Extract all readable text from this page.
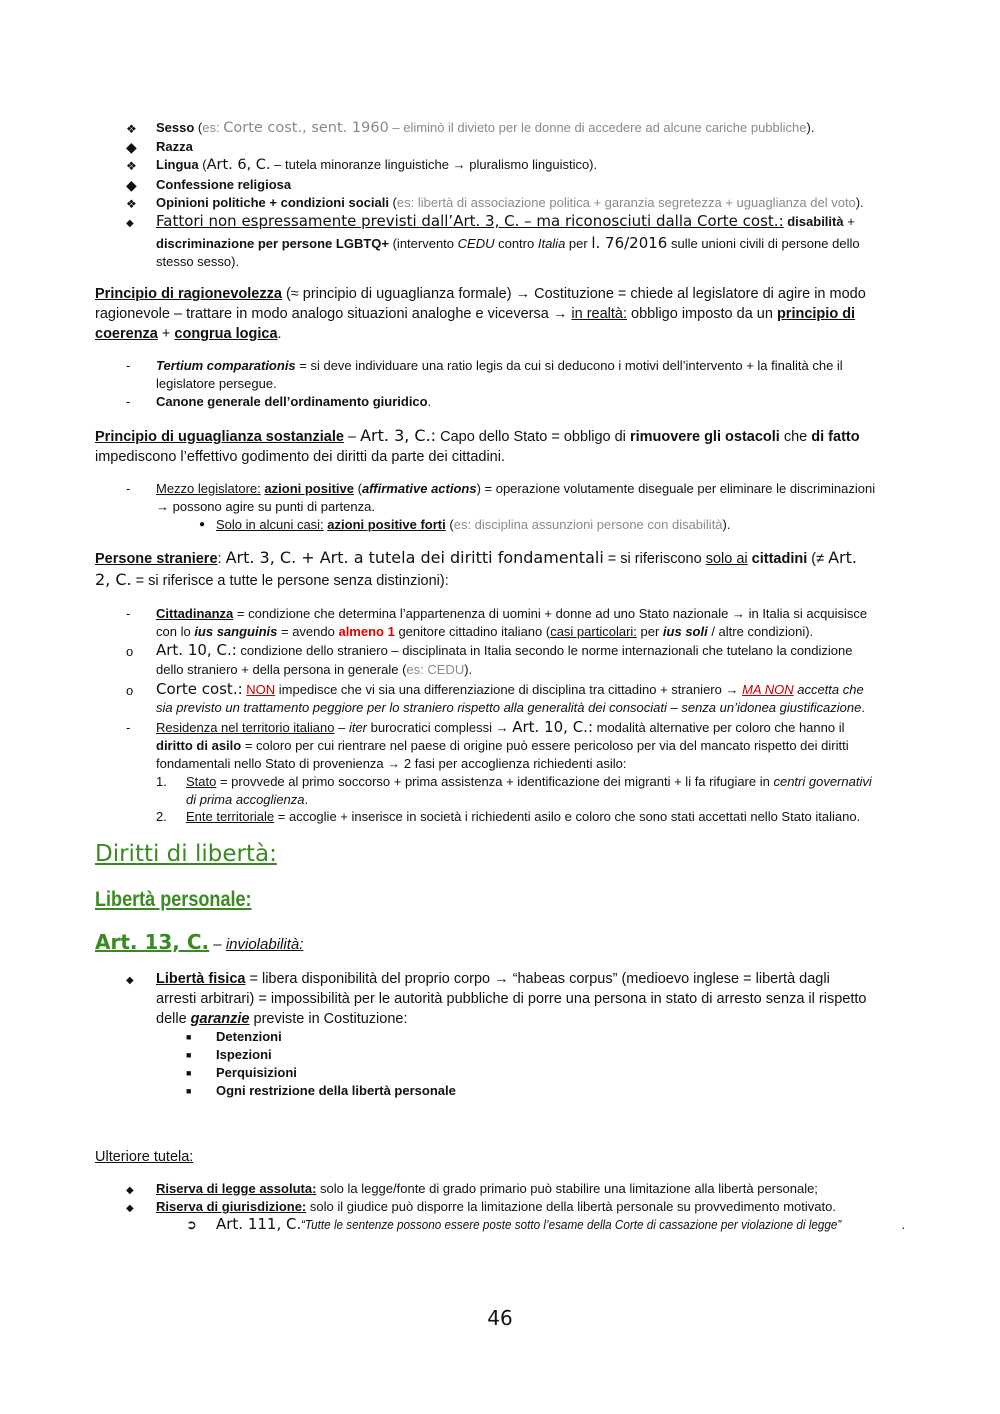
❖ Sesso (es: Corte cost., sent. 1960 – eliminò il divieto per le donne di accedere ad alcune cariche pubbliche).
◆ Razza
❖ Lingua (Art. 6, C. – tutela minoranze linguistiche → pluralismo linguistico).
◆ Confessione religiosa
❖ Opinioni politiche + condizioni sociali (es: libertà di associazione politica + garanzia segretezza + uguaglianza del voto).
◆ Fattori non espressamente previsti dall’Art. 3, C. – ma riconosciuti dalla Corte cost.: disabilità +
discriminazione per persone LGBTQ+ (intervento CEDU contro Italia per l. 76/2016 sulle unioni civili di persone dello
stesso sesso).
Principio di ragionevolezza (≈ principio di uguaglianza formale) → Costituzione = chiede al legislatore di agire in modo
ragionevole – trattare in modo analogo situazioni analoghe e viceversa → in realtà: obbligo imposto da un principio di
coerenza + congrua logica.
- Tertium comparationis = si deve individuare una ratio legis da cui si deducono i motivi dell’intervento + la finalità che il
legislatore persegue.
- Canone generale dell’ordinamento giuridico.
Principio di uguaglianza sostanziale – Art. 3, C.: Capo dello Stato = obbligo di rimuovere gli ostacoli che di fatto
impediscono l’effettivo godimento dei diritti da parte dei cittadini.
- Mezzo legislatore: azioni positive (affirmative actions) = operazione volutamente diseguale per eliminare le discriminazioni
→ possono agire su punti di partenza.
● Solo in alcuni casi: azioni positive forti (es: disciplina assunzioni persone con disabilità).
Persone straniere: Art. 3, C. + Art. a tutela dei diritti fondamentali = si riferiscono solo ai cittadini (≠ Art.
2, C. = si riferisce a tutte le persone senza distinzioni):
- Cittadinanza = condizione che determina l’appartenenza di uomini + donne ad uno Stato nazionale → in Italia si acquisisce
con lo ius sanguinis = avendo almeno 1 genitore cittadino italiano (casi particolari: per ius soli / altre condizioni).
o Art. 10, C.: condizione dello straniero – disciplinata in Italia secondo le norme internazionali che tutelano la condizione
dello straniero + della persona in generale (es: CEDU).
o Corte cost.: NON impedisce che vi sia una differenziazione di disciplina tra cittadino + straniero → MA NON accetta che
sia previsto un trattamento peggiore per lo straniero rispetto alla generalità dei consociati – senza un’idonea giustificazione.
- Residenza nel territorio italiano – iter burocratici complessi → Art. 10, C.: modalità alternative per coloro che hanno il
diritto di asilo = coloro per cui rientrare nel paese di origine può essere pericoloso per via del mancato rispetto dei diritti
fondamentali nello Stato di provenienza → 2 fasi per accoglienza richiedenti asilo:
1. Stato = provvede al primo soccorso + prima assistenza + identificazione dei migranti + li fa rifugiare in centri governativi
di prima accoglienza.
2. Ente territoriale = accoglie + inserisce in società i richiedenti asilo e coloro che sono stati accettati nello Stato italiano.
Diritti di libertà:
Libertà personale:
Art. 13, C. – inviolabilità:
◆ Libertà fisica = libera disponibilità del proprio corpo → “habeas corpus” (medioevo inglese = libertà dagli
arresti arbitrari) = impossibilità per le autorità pubbliche di porre una persona in stato di arresto senza il rispetto
delle garanzie previste in Costituzione:
■ Detenzioni
■ Ispezioni
■ Perquisizioni
■ Ogni restrizione della libertà personale
Ulteriore tutela:
◆ Riserva di legge assoluta: solo la legge/fonte di grado primario può stabilire una limitazione alla libertà personale;
◆ Riserva di giurisdizione: solo il giudice può disporre la limitazione della libertà personale su provvedimento motivato.
➲ Art. 111, C.“Tutte le sentenze possono essere poste sotto l’esame della Corte di cassazione per violazione di legge”	.
46
